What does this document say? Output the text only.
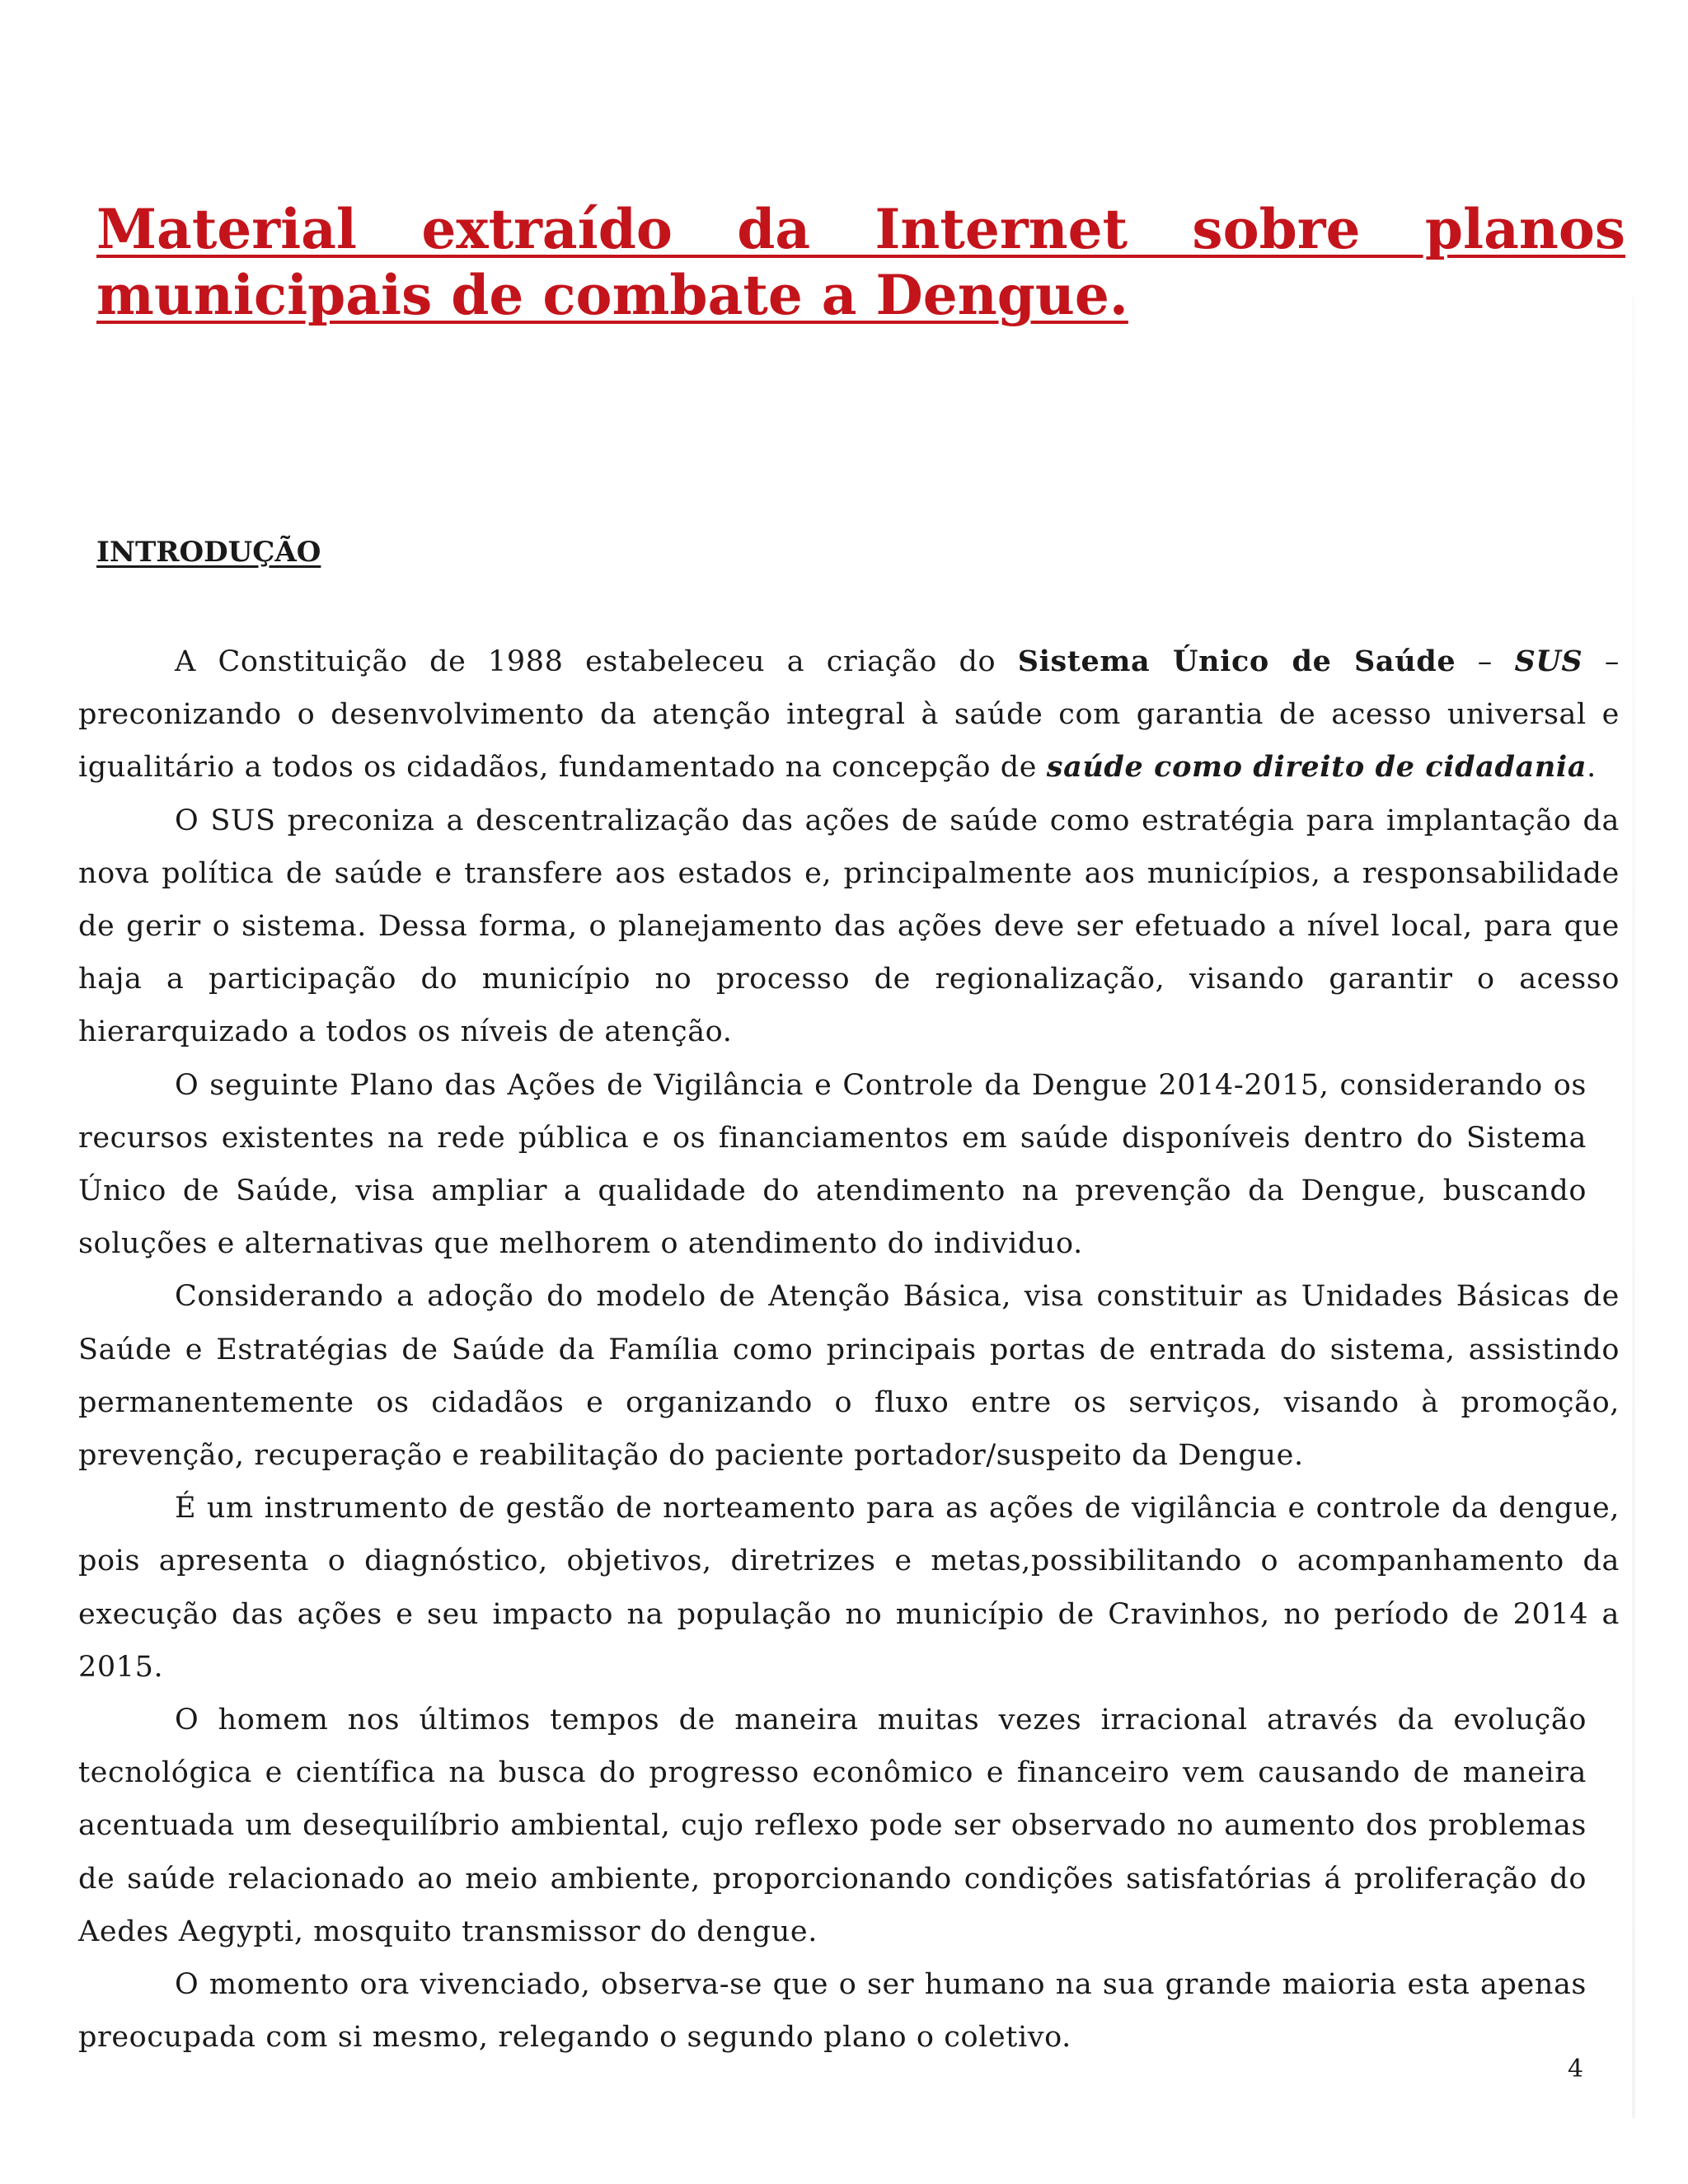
Material extraído da Internet sobre planos
municipais de combate a Dengue.
INTRODUÇÃO

A Constituição de 1988 estabeleceu a criação do Sistema Único de Saúde – SUS – preconizando o desenvolvimento da atenção integral à saúde com garantia de acesso universal e igualitário a todos os cidadãos, fundamentado na concepção de saúde como direito de cidadania.

O SUS preconiza a descentralização das ações de saúde como estratégia para implantação da nova política de saúde e transfere aos estados e, principalmente aos municípios, a responsabilidade de gerir o sistema. Dessa forma, o planejamento das ações deve ser efetuado a nível local, para que haja a participação do município no processo de regionalização, visando garantir o acesso hierarquizado a todos os níveis de atenção.

O seguinte Plano das Ações de Vigilância e Controle da Dengue 2014-2015, considerando os recursos existentes na rede pública e os financiamentos em saúde disponíveis dentro do Sistema Único de Saúde, visa ampliar a qualidade do atendimento na prevenção da Dengue, buscando soluções e alternativas que melhorem o atendimento do individuo.

Considerando a adoção do modelo de Atenção Básica, visa constituir as Unidades Básicas de Saúde e Estratégias de Saúde da Família como principais portas de entrada do sistema, assistindo permanentemente os cidadãos e organizando o fluxo entre os serviços, visando à promoção, prevenção, recuperação e reabilitação do paciente portador/suspeito da Dengue.

É um instrumento de gestão de norteamento para as ações de vigilância e controle da dengue, pois apresenta o diagnóstico, objetivos, diretrizes e metas,possibilitando o acompanhamento da execução das ações e seu impacto na população no município de Cravinhos, no período de 2014 a 2015.

O homem nos últimos tempos de maneira muitas vezes irracional através da evolução tecnológica e científica na busca do progresso econômico e financeiro vem causando de maneira acentuada um desequilíbrio ambiental, cujo reflexo pode ser observado no aumento dos problemas de saúde relacionado ao meio ambiente, proporcionando condições satisfatórias á proliferação do Aedes Aegypti, mosquito transmissor do dengue.

O momento ora vivenciado, observa-se que o ser humano na sua grande maioria esta apenas preocupada com si mesmo, relegando o segundo plano o coletivo.

4
